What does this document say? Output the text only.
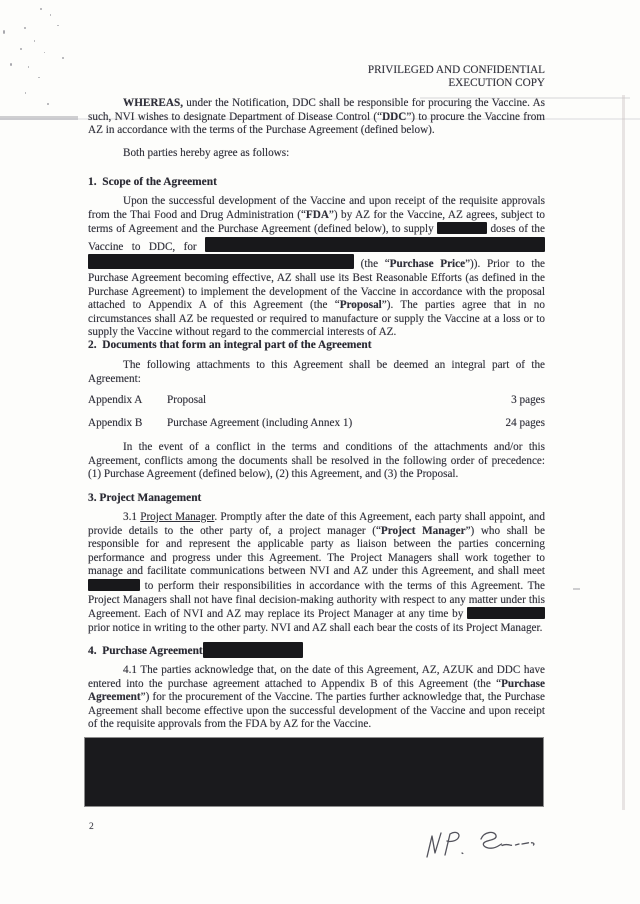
PRIVILEGED AND CONFIDENTIAL
EXECUTION COPY

WHEREAS, under the Notification, DDC shall be responsible for procuring the Vaccine. As such, NVI wishes to designate Department of Disease Control (“DDC”) to procure the Vaccine from AZ in accordance with the terms of the Purchase Agreement (defined below).

Both parties hereby agree as follows:

1.  Scope of the Agreement

Upon the successful development of the Vaccine and upon receipt of the requisite approvals from the Thai Food and Drug Administration (“FDA”) by AZ for the Vaccine, AZ agrees, subject to terms of Agreement and the Purchase Agreement (defined below), to supply	doses of the Vaccine to DDC, for  (the “Purchase Price”)). Prior to the Purchase Agreement becoming effective, AZ shall use its Best Reasonable Efforts (as defined in the Purchase Agreement) to implement the development of the Vaccine in accordance with the proposal attached to Appendix A of this Agreement (the “Proposal”). The parties agree that in no circumstances shall AZ be requested or required to manufacture or supply the Vaccine at a loss or to supply the Vaccine without regard to the commercial interests of AZ.

2.  Documents that form an integral part of the Agreement

The following attachments to this Agreement shall be deemed an integral part of the Agreement:

Appendix A	Proposal	3 pages
Appendix B	Purchase Agreement (including Annex 1)	24 pages

In the event of a conflict in the terms and conditions of the attachments and/or this Agreement, conflicts among the documents shall be resolved in the following order of precedence: (1) Purchase Agreement (defined below), (2) this Agreement, and (3) the Proposal.

3. Project Management

3.1 Project Manager. Promptly after the date of this Agreement, each party shall appoint, and provide details to the other party of, a project manager (“Project Manager”) who shall be responsible for and represent the applicable party as liaison between the parties concerning performance and progress under this Agreement. The Project Managers shall work together to manage and facilitate communications between NVI and AZ under this Agreement, and shall meet  to perform their responsibilities in accordance with the terms of this Agreement. The Project Managers shall not have final decision-making authority with respect to any matter under this Agreement. Each of NVI and AZ may replace its Project Manager at any time by  prior notice in writing to the other party. NVI and AZ shall each bear the costs of its Project Manager.

4.  Purchase Agreement

4.1 The parties acknowledge that, on the date of this Agreement, AZ, AZUK and DDC have entered into the purchase agreement attached to Appendix B of this Agreement (the “Purchase Agreement”) for the procurement of the Vaccine. The parties further acknowledge that, the Purchase Agreement shall become effective upon the successful development of the Vaccine and upon receipt of the requisite approvals from the FDA by AZ for the Vaccine.

2
